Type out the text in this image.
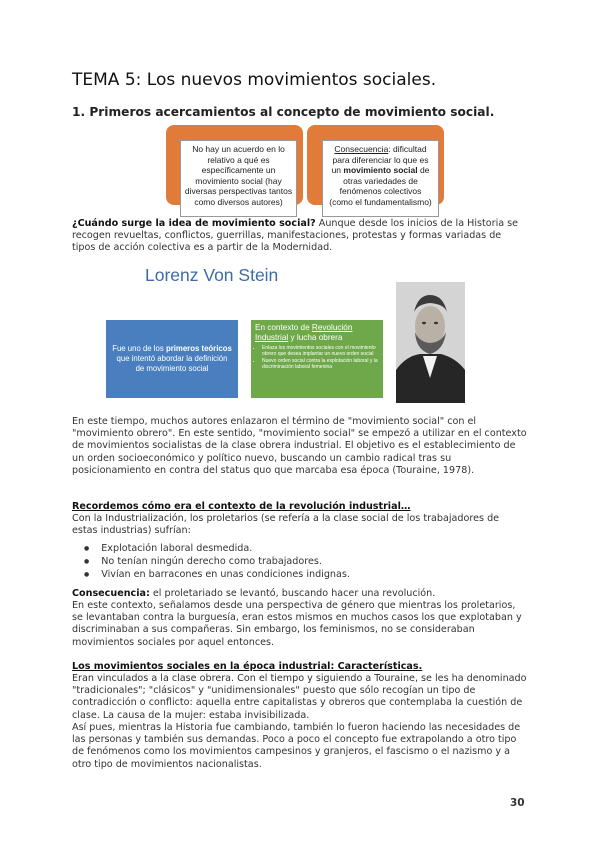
TEMA 5: Los nuevos movimientos sociales.
1. Primeros acercamientos al concepto de movimiento social.
No hay un acuerdo en lo
relativo a qué es
específicamente un
movimiento social (hay
diversas perspectivas tantos
como diversos autores)
Consecuencia: dificultad
para diferenciar lo que es
un movimiento social de
otras variedades de
fenómenos colectivos
(como el fundamentalismo)
¿Cuándo surge la idea de movimiento social? Aunque desde los inicios de la Historia se recogen revueltas, conflictos, guerrillas, manifestaciones, protestas y formas variadas de tipos de acción colectiva es a partir de la Modernidad.
Lorenz Von Stein
Fue uno de los primeros teóricos que intentó abordar la definición de movimiento social
En contexto de Revolución Industrial y lucha obrera
• Enlaza los movimientos sociales con el movimiento obrero que desea implantar un nuevo orden social
• Nuevo orden social contra la explotación laboral y la discriminación laboral femenina
En este tiempo, muchos autores enlazaron el término de "movimiento social" con el "movimiento obrero". En este sentido, "movimiento social" se empezó a utilizar en el contexto de movimientos socialistas de la clase obrera industrial. El objetivo es el establecimiento de un orden socioeconómico y político nuevo, buscando un cambio radical tras su posicionamiento en contra del status quo que marcaba esa época (Touraine, 1978).
Recordemos cómo era el contexto de la revolución industrial…
Con la Industrialización, los proletarios (se refería a la clase social de los trabajadores de estas industrias) sufrían:
● Explotación laboral desmedida.
● No tenían ningún derecho como trabajadores.
● Vivían en barracones en unas condiciones indignas.
Consecuencia: el proletariado se levantó, buscando hacer una revolución.
En este contexto, señalamos desde una perspectiva de género que mientras los proletarios, se levantaban contra la burguesía, eran estos mismos en muchos casos los que explotaban y discriminaban a sus compañeras. Sin embargo, los feminismos, no se consideraban movimientos sociales por aquel entonces.
Los movimientos sociales en la época industrial: Características.
Eran vinculados a la clase obrera. Con el tiempo y siguiendo a Touraine, se les ha denominado "tradicionales"; "clásicos" y "unidimensionales" puesto que sólo recogían un tipo de contradicción o conflicto: aquella entre capitalistas y obreros que contemplaba la cuestión de clase. La causa de la mujer: estaba invisibilizada.
Así pues, mientras la Historia fue cambiando, también lo fueron haciendo las necesidades de las personas y también sus demandas. Poco a poco el concepto fue extrapolando a otro tipo de fenómenos como los movimientos campesinos y granjeros, el fascismo o el nazismo y a otro tipo de movimientos nacionalistas.
30
